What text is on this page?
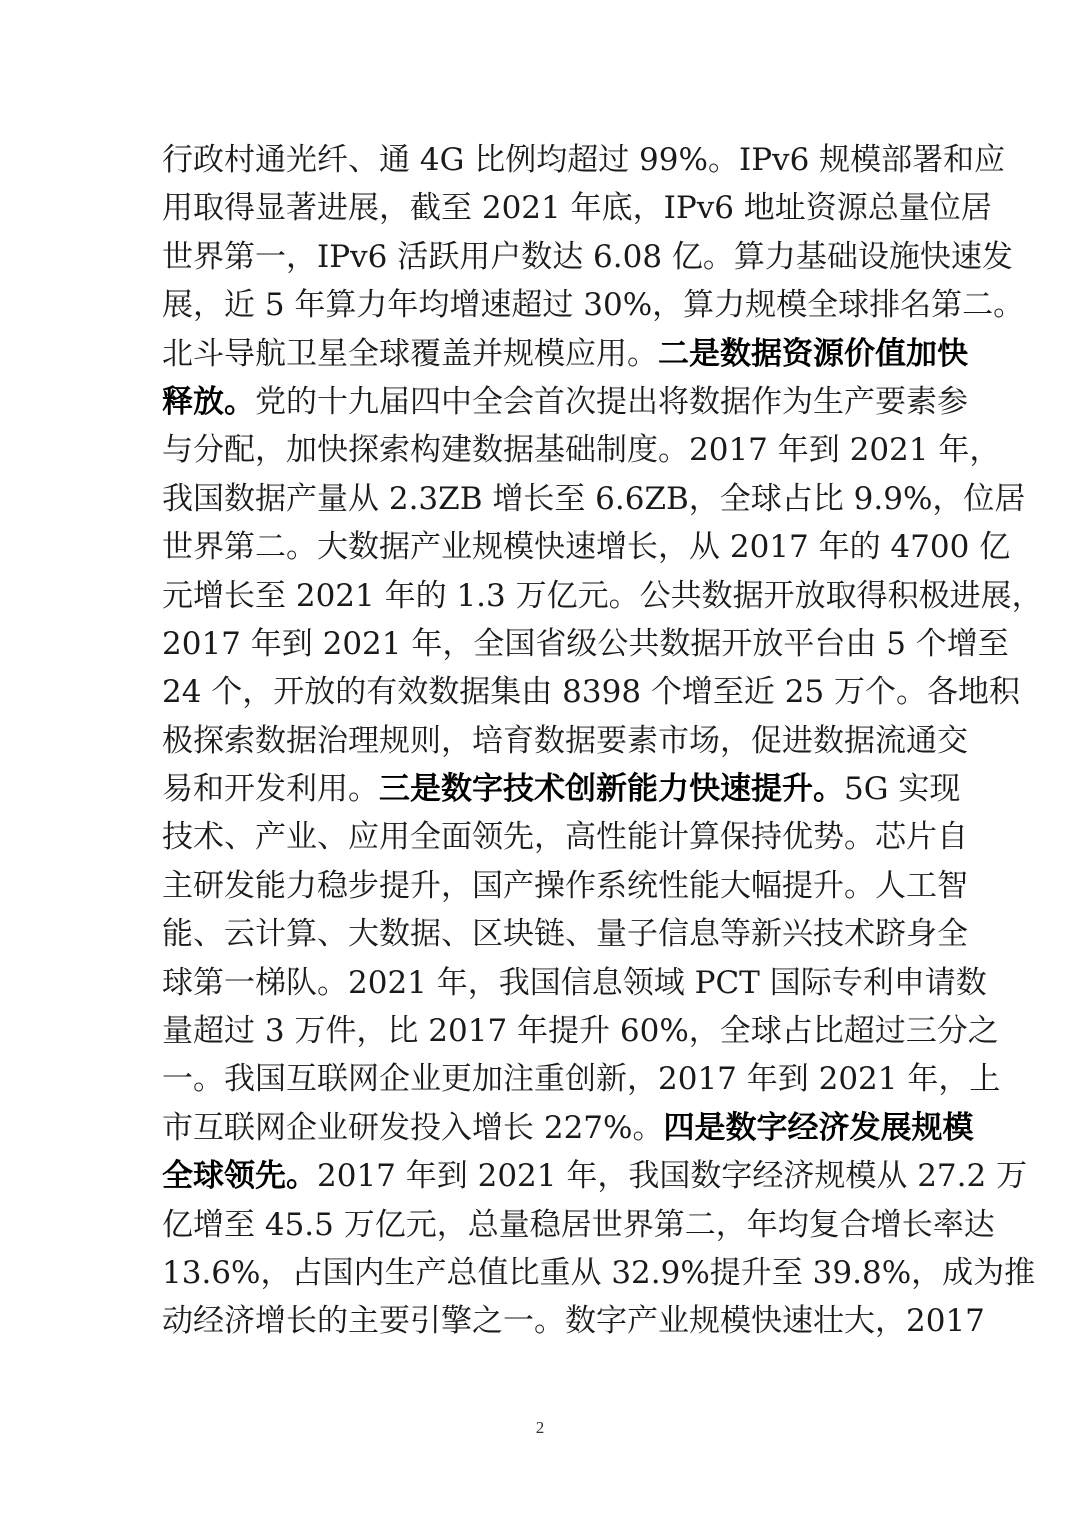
行政村通光纤、通 4G 比例均超过 99%。IPv6 规模部署和应
用取得显著进展，截至 2021 年底，IPv6 地址资源总量位居
世界第一，IPv6 活跃用户数达 6.08 亿。算力基础设施快速发
展，近 5 年算力年均增速超过 30%，算力规模全球排名第二。
北斗导航卫星全球覆盖并规模应用。二是数据资源价值加快
释放。党的十九届四中全会首次提出将数据作为生产要素参
与分配，加快探索构建数据基础制度。2017 年到 2021 年，
我国数据产量从 2.3ZB 增长至 6.6ZB，全球占比 9.9%，位居
世界第二。大数据产业规模快速增长，从 2017 年的 4700 亿
元增长至 2021 年的 1.3 万亿元。公共数据开放取得积极进展，
2017 年到 2021 年，全国省级公共数据开放平台由 5 个增至
24 个，开放的有效数据集由 8398 个增至近 25 万个。各地积
极探索数据治理规则，培育数据要素市场，促进数据流通交
易和开发利用。三是数字技术创新能力快速提升。5G 实现
技术、产业、应用全面领先，高性能计算保持优势。芯片自
主研发能力稳步提升，国产操作系统性能大幅提升。人工智
能、云计算、大数据、区块链、量子信息等新兴技术跻身全
球第一梯队。2021 年，我国信息领域 PCT 国际专利申请数
量超过 3 万件，比 2017 年提升 60%，全球占比超过三分之
一。我国互联网企业更加注重创新，2017 年到 2021 年，上
市互联网企业研发投入增长 227%。四是数字经济发展规模
全球领先。2017 年到 2021 年，我国数字经济规模从 27.2 万
亿增至 45.5 万亿元，总量稳居世界第二，年均复合增长率达
13.6%，占国内生产总值比重从 32.9%提升至 39.8%，成为推
动经济增长的主要引擎之一。数字产业规模快速壮大，2017
2
